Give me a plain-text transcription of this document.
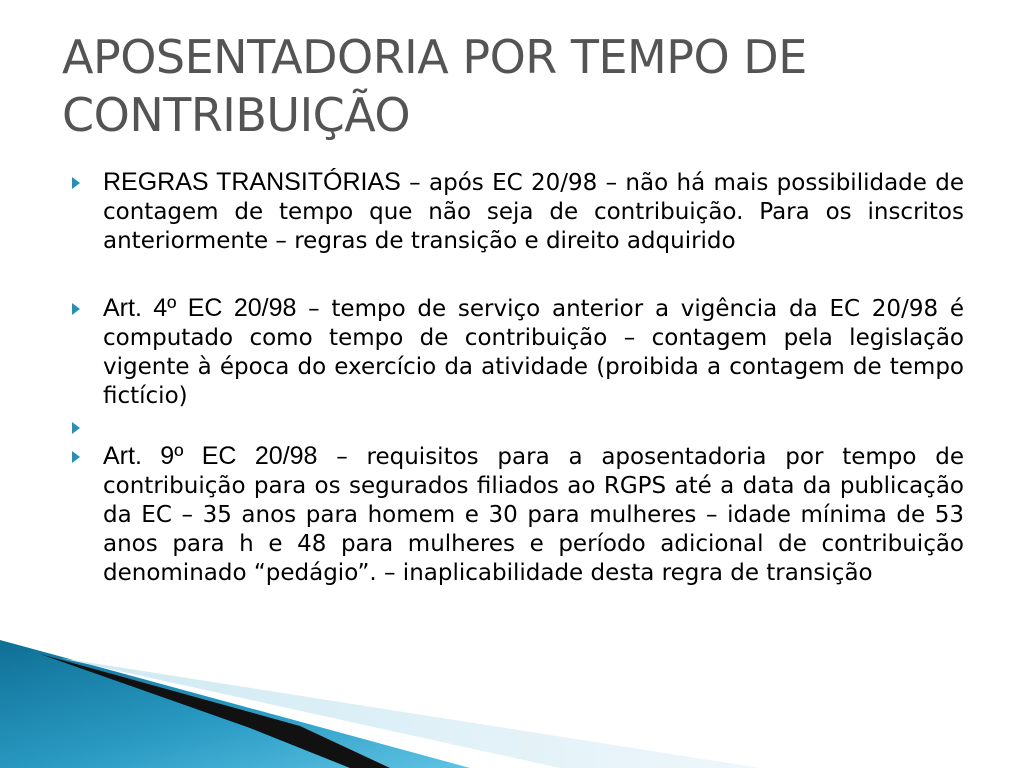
APOSENTADORIA POR TEMPO DE
CONTRIBUIÇÃO
REGRAS TRANSITÓRIAS – após EC 20/98 – não há mais possibilidade de contagem de tempo que não seja de contribuição. Para os inscritos anteriormente – regras de transição e direito adquirido
Art. 4º EC 20/98 – tempo de serviço anterior a vigência da EC 20/98 é computado como tempo de contribuição – contagem pela legislação vigente à época do exercício da atividade (proibida a contagem de tempo fictício)
Art. 9º EC 20/98 – requisitos para a aposentadoria por tempo de contribuição para os segurados filiados ao RGPS até a data da publicação da EC – 35 anos para homem e 30 para mulheres – idade mínima de 53 anos para h e 48 para mulheres e período adicional de contribuição denominado “pedágio”. – inaplicabilidade desta regra de transição
